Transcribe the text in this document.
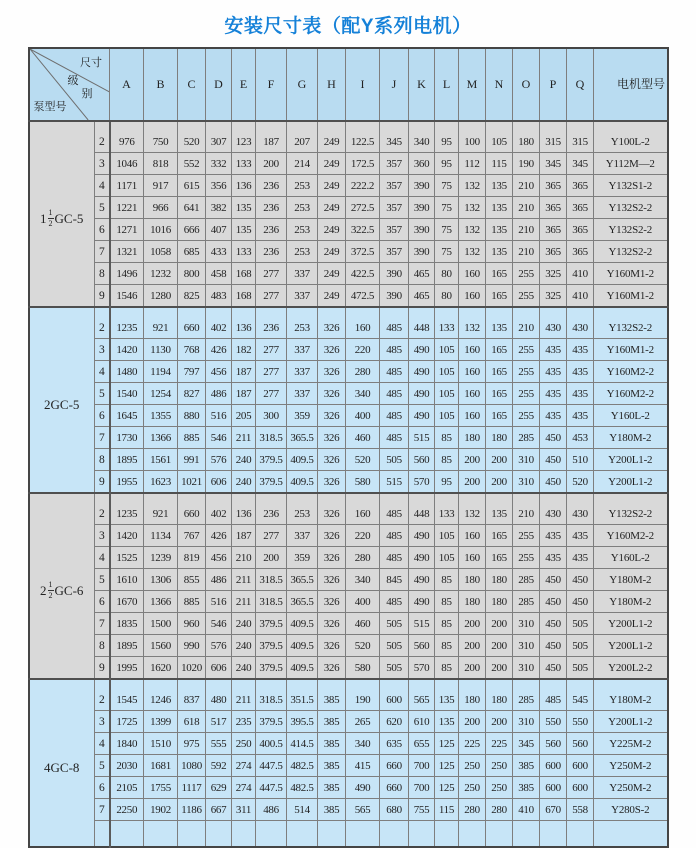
安装尺寸表（配Y系列电机）
尺寸
级
别
泵型号		A	B	C	D	E	F	G	H	I	J	K	L	M	N	O	P	Q	电机型号
$1 \frac{1}{2} GC-5$	2	976	750	520	307	123	187	207	249	122.5	345	340	95	100	105	180	315	315	Y100L-2
	3	1046	818	552	332	133	200	214	249	172.5	357	360	95	112	115	190	345	345	Y112M—2
	4	1171	917	615	356	136	236	253	249	222.2	357	390	75	132	135	210	365	365	Y132S1-2
	5	1221	966	641	382	135	236	253	249	272.5	357	390	75	132	135	210	365	365	Y132S2-2
	6	1271	1016	666	407	135	236	253	249	322.5	357	390	75	132	135	210	365	365	Y132S2-2
	7	1321	1058	685	433	133	236	253	249	372.5	357	390	75	132	135	210	365	365	Y132S2-2
	8	1496	1232	800	458	168	277	337	249	422.5	390	465	80	160	165	255	325	410	Y160M1-2
	9	1546	1280	825	483	168	277	337	249	472.5	390	465	80	160	165	255	325	410	Y160M1-2
2GC-5	2	1235	921	660	402	136	236	253	326	160	485	448	133	132	135	210	430	430	Y132S2-2
	3	1420	1130	768	426	182	277	337	326	220	485	490	105	160	165	255	435	435	Y160M1-2
	4	1480	1194	797	456	187	277	337	326	280	485	490	105	160	165	255	435	435	Y160M2-2
	5	1540	1254	827	486	187	277	337	326	340	485	490	105	160	165	255	435	435	Y160M2-2
	6	1645	1355	880	516	205	300	359	326	400	485	490	105	160	165	255	435	435	Y160L-2
	7	1730	1366	885	546	211	318.5	365.5	326	460	485	515	85	180	180	285	450	453	Y180M-2
	8	1895	1561	991	576	240	379.5	409.5	326	520	505	560	85	200	200	310	450	510	Y200L1-2
	9	1955	1623	1021	606	240	379.5	409.5	326	580	515	570	95	200	200	310	450	520	Y200L1-2
$2 \frac{1}{2} GC-6$	2	1235	921	660	402	136	236	253	326	160	485	448	133	132	135	210	430	430	Y132S2-2
	3	1420	1134	767	426	187	277	337	326	220	485	490	105	160	165	255	435	435	Y160M2-2
	4	1525	1239	819	456	210	200	359	326	280	485	490	105	160	165	255	435	435	Y160L-2
	5	1610	1306	855	486	211	318.5	365.5	326	340	845	490	85	180	180	285	450	450	Y180M-2
	6	1670	1366	885	516	211	318.5	365.5	326	400	485	490	85	180	180	285	450	450	Y180M-2
	7	1835	1500	960	546	240	379.5	409.5	326	460	505	515	85	200	200	310	450	505	Y200L1-2
	8	1895	1560	990	576	240	379.5	409.5	326	520	505	560	85	200	200	310	450	505	Y200L1-2
	9	1995	1620	1020	606	240	379.5	409.5	326	580	505	570	85	200	200	310	450	505	Y200L2-2
4GC-8	2	1545	1246	837	480	211	318.5	351.5	385	190	600	565	135	180	180	285	485	545	Y180M-2
	3	1725	1399	618	517	235	379.5	395.5	385	265	620	610	135	200	200	310	550	550	Y200L1-2
	4	1840	1510	975	555	250	400.5	414.5	385	340	635	655	125	225	225	345	560	560	Y225M-2
	5	2030	1681	1080	592	274	447.5	482.5	385	415	660	700	125	250	250	385	600	600	Y250M-2
	6	2105	1755	1117	629	274	447.5	482.5	385	490	660	700	125	250	250	385	600	600	Y250M-2
	7	2250	1902	1186	667	311	486	514	385	565	680	755	115	280	280	410	670	558	Y280S-2
